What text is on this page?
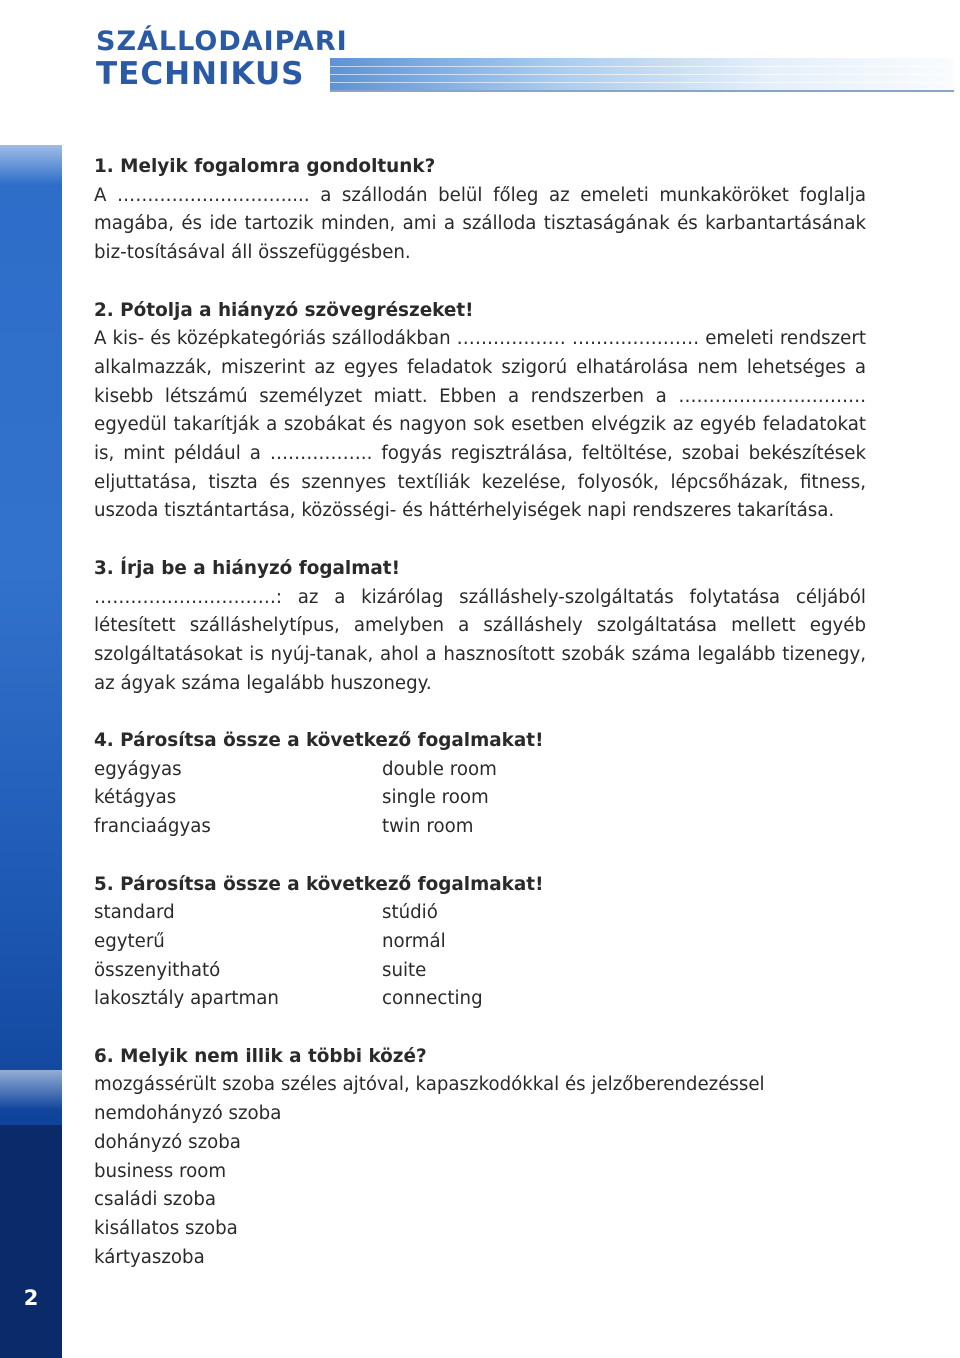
SZÁLLODAIPARI
TECHNIKUS
2

1. Melyik fogalomra gondoltunk?

A ………………………..... a szállodán belül főleg az emeleti munkaköröket foglalja magába, és ide tartozik minden, ami a szálloda tisztaságának és karbantartásának biz-tosításával áll összefüggésben.

2. Pótolja a hiányzó szövegrészeket!

A kis- és középkategóriás szállodákban ……………… ………………… emeleti rendszert alkalmazzák, miszerint az egyes feladatok szigorú elhatárolása nem lehetséges a kisebb létszámú személyzet miatt. Ebben a rendszerben a …………………………. egyedül takarítják a szobákat és nagyon sok esetben elvégzik az egyéb feladatokat is, mint például a …………….. fogyás regisztrálása, feltöltése, szobai bekészítések eljuttatása, tiszta és szennyes textíliák kezelése, folyosók, lépcsőházak, fitness, uszoda tisztántartása, közösségi- és háttérhelyiségek napi rendszeres takarítása.

3. Írja be a hiányzó fogalmat!

…………………………: az a kizárólag szálláshely-szolgáltatás folytatása céljából létesített szálláshelytípus, amelyben a szálláshely szolgáltatása mellett egyéb szolgáltatásokat is nyúj-tanak, ahol a hasznosított szobák száma legalább tizenegy, az ágyak száma legalább huszonegy.

4. Párosítsa össze a következő fogalmakat!

egyágyas	double room
kétágyas	single room
franciaágyas	twin room

5. Párosítsa össze a következő fogalmakat!

standard	stúdió
egyterű	normál
összenyitható	suite
lakosztály apartman	connecting

6. Melyik nem illik a többi közé?

mozgássérült szoba széles ajtóval, kapaszkodókkal és jelzőberendezéssel

nemdohányzó szoba

dohányzó szoba

business room

családi szoba

kisállatos szoba

kártyaszoba
